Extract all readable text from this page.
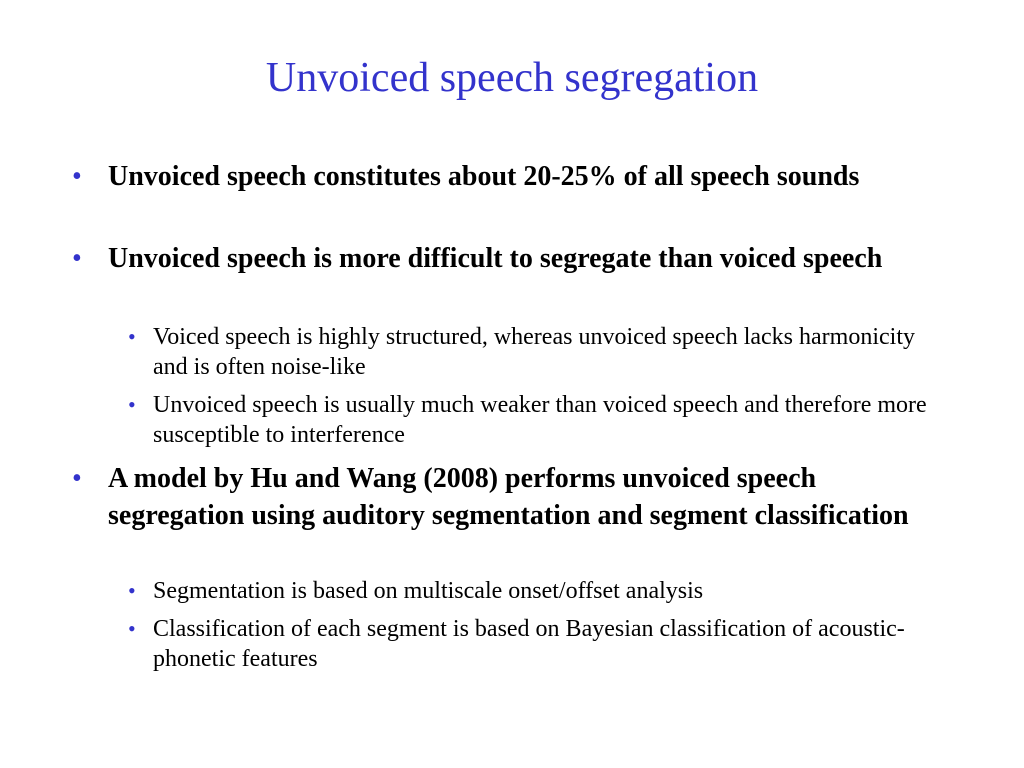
Unvoiced speech segregation
• Unvoiced speech constitutes about 20-25% of all speech sounds
• Unvoiced speech is more difficult to segregate than voiced speech
• Voiced speech is highly structured, whereas unvoiced speech lacks harmonicity and is often noise-like
• Unvoiced speech is usually much weaker than voiced speech and therefore more susceptible to interference
• A model by Hu and Wang (2008) performs unvoiced speech segregation using auditory segmentation and segment classification
• Segmentation is based on multiscale onset/offset analysis
• Classification of each segment is based on Bayesian classification of acoustic-phonetic features
